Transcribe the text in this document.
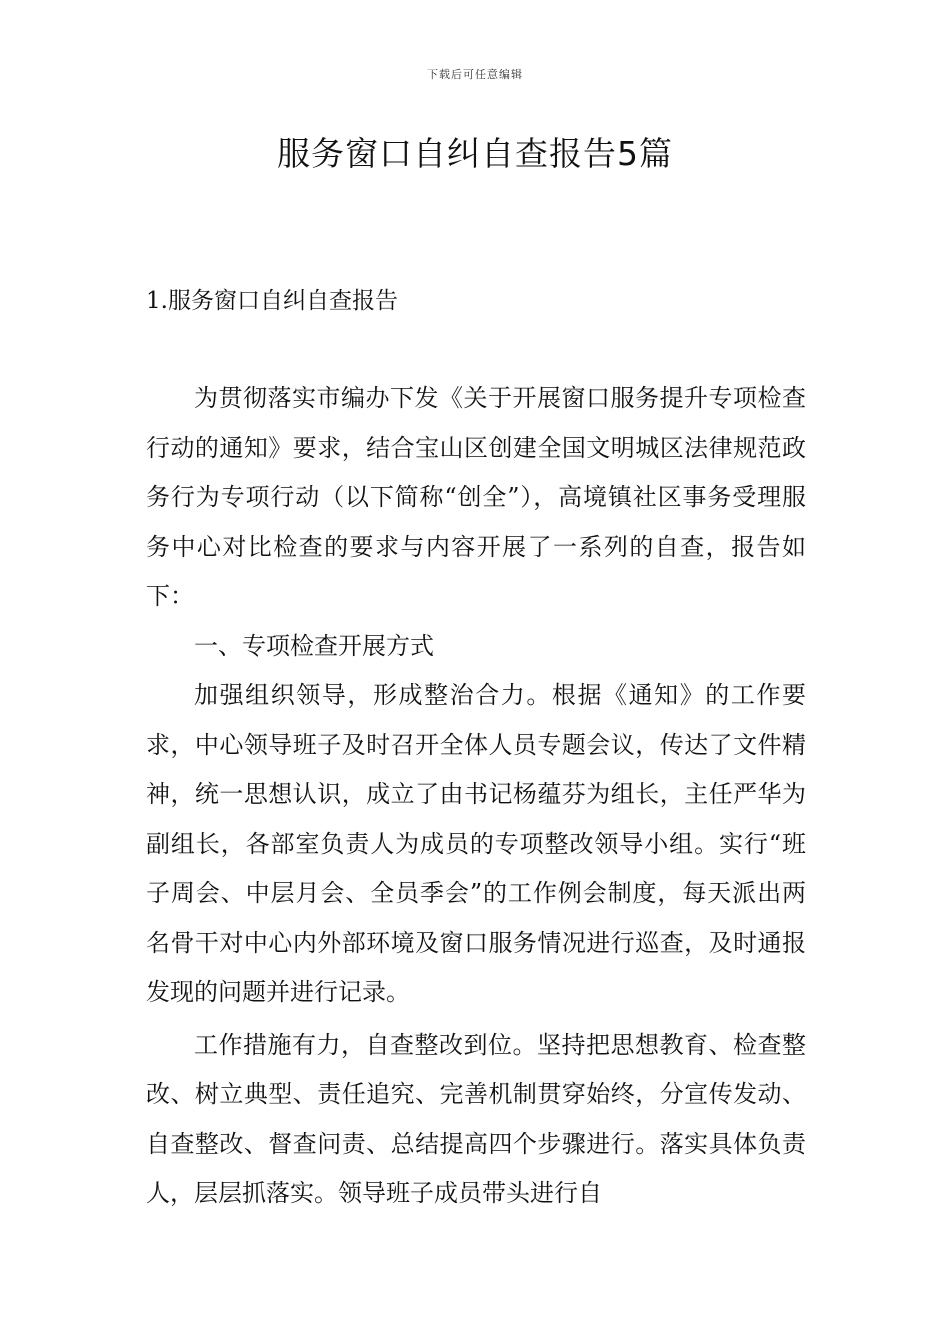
下载后可任意编辑
服务窗口自纠自查报告5篇
1.服务窗口自纠自查报告

为贯彻落实市编办下发《关于开展窗口服务提升专项检查行动的通知》要求，结合宝山区创建全国文明城区法律规范政务行为专项行动（以下简称“创全”），高境镇社区事务受理服务中心对比检查的要求与内容开展了一系列的自查，报告如下：

一、专项检查开展方式

加强组织领导，形成整治合力。根据《通知》的工作要求，中心领导班子及时召开全体人员专题会议，传达了文件精神，统一思想认识，成立了由书记杨蕴芬为组长，主任严华为副组长，各部室负责人为成员的专项整改领导小组。实行“班子周会、中层月会、全员季会”的工作例会制度，每天派出两名骨干对中心内外部环境及窗口服务情况进行巡查，及时通报发现的问题并进行记录。

工作措施有力，自查整改到位。坚持把思想教育、检查整改、树立典型、责任追究、完善机制贯穿始终，分宣传发动、自查整改、督查问责、总结提高四个步骤进行。落实具体负责人，层层抓落实。领导班子成员带头进行自
